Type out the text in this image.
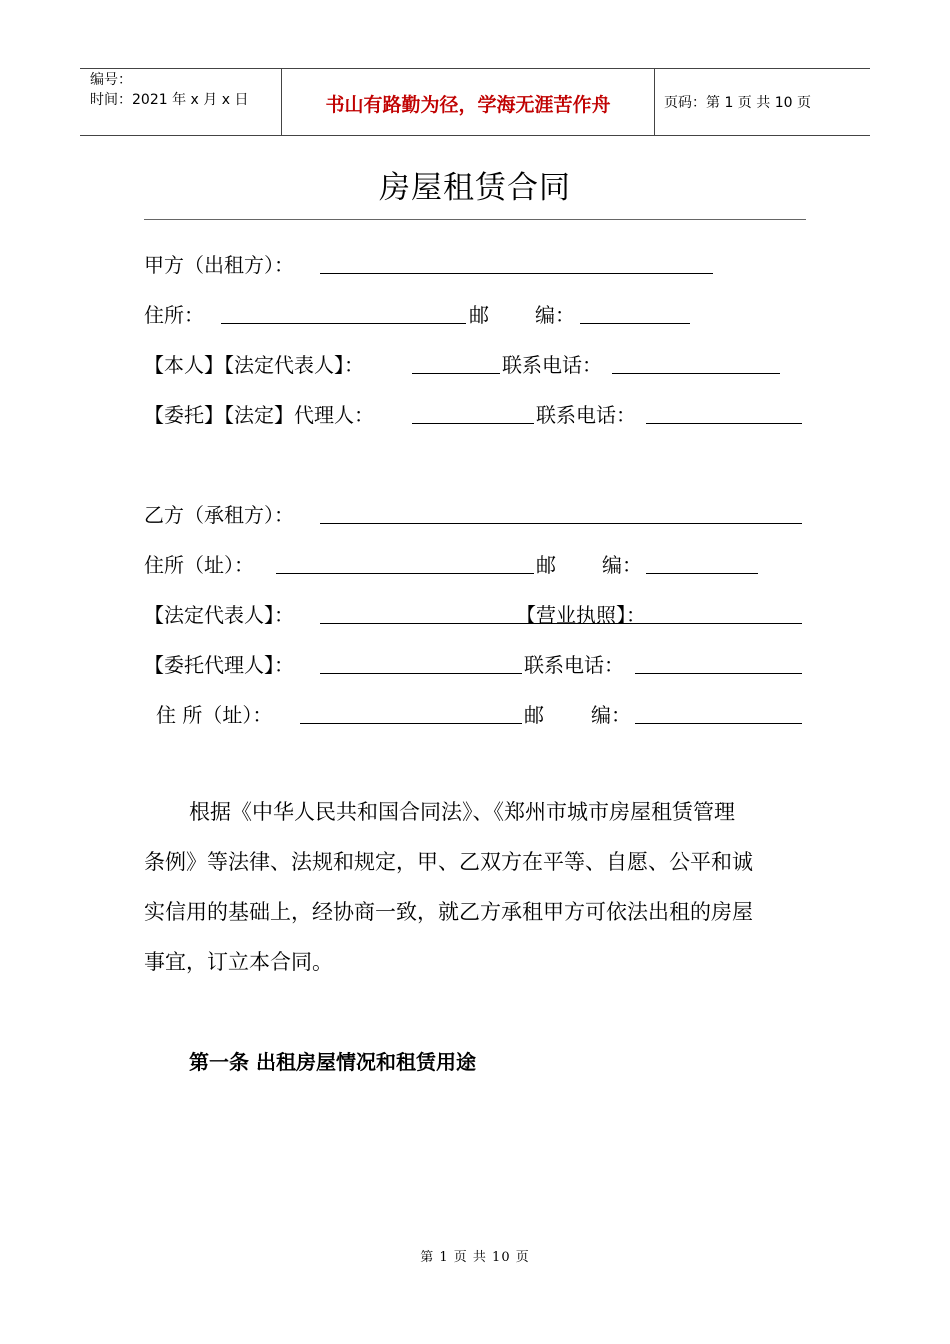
编号：
时间：2021 年 x 月 x 日	书山有路勤为径，学海无涯苦作舟	页码：第 1 页 共 10 页
房屋租赁合同
甲方（出租方）：
住所：	邮 编：
【本人】【法定代表人】：	联系电话：
【委托】【法定】代理人：	联系电话：
乙方（承租方）：
住所（址）：	邮 编：
【法定代表人】：	【营业执照】：
【委托代理人】：	联系电话：
住 所（址）：	邮 编：
根据《中华人民共和国合同法》、《郑州市城市房屋租赁管理
条例》等法律、法规和规定，甲、乙双方在平等、自愿、公平和诚
实信用的基础上，经协商一致，就乙方承租甲方可依法出租的房屋
事宜，订立本合同。
第一条 出租房屋情况和租赁用途
第 1 页 共 10 页
